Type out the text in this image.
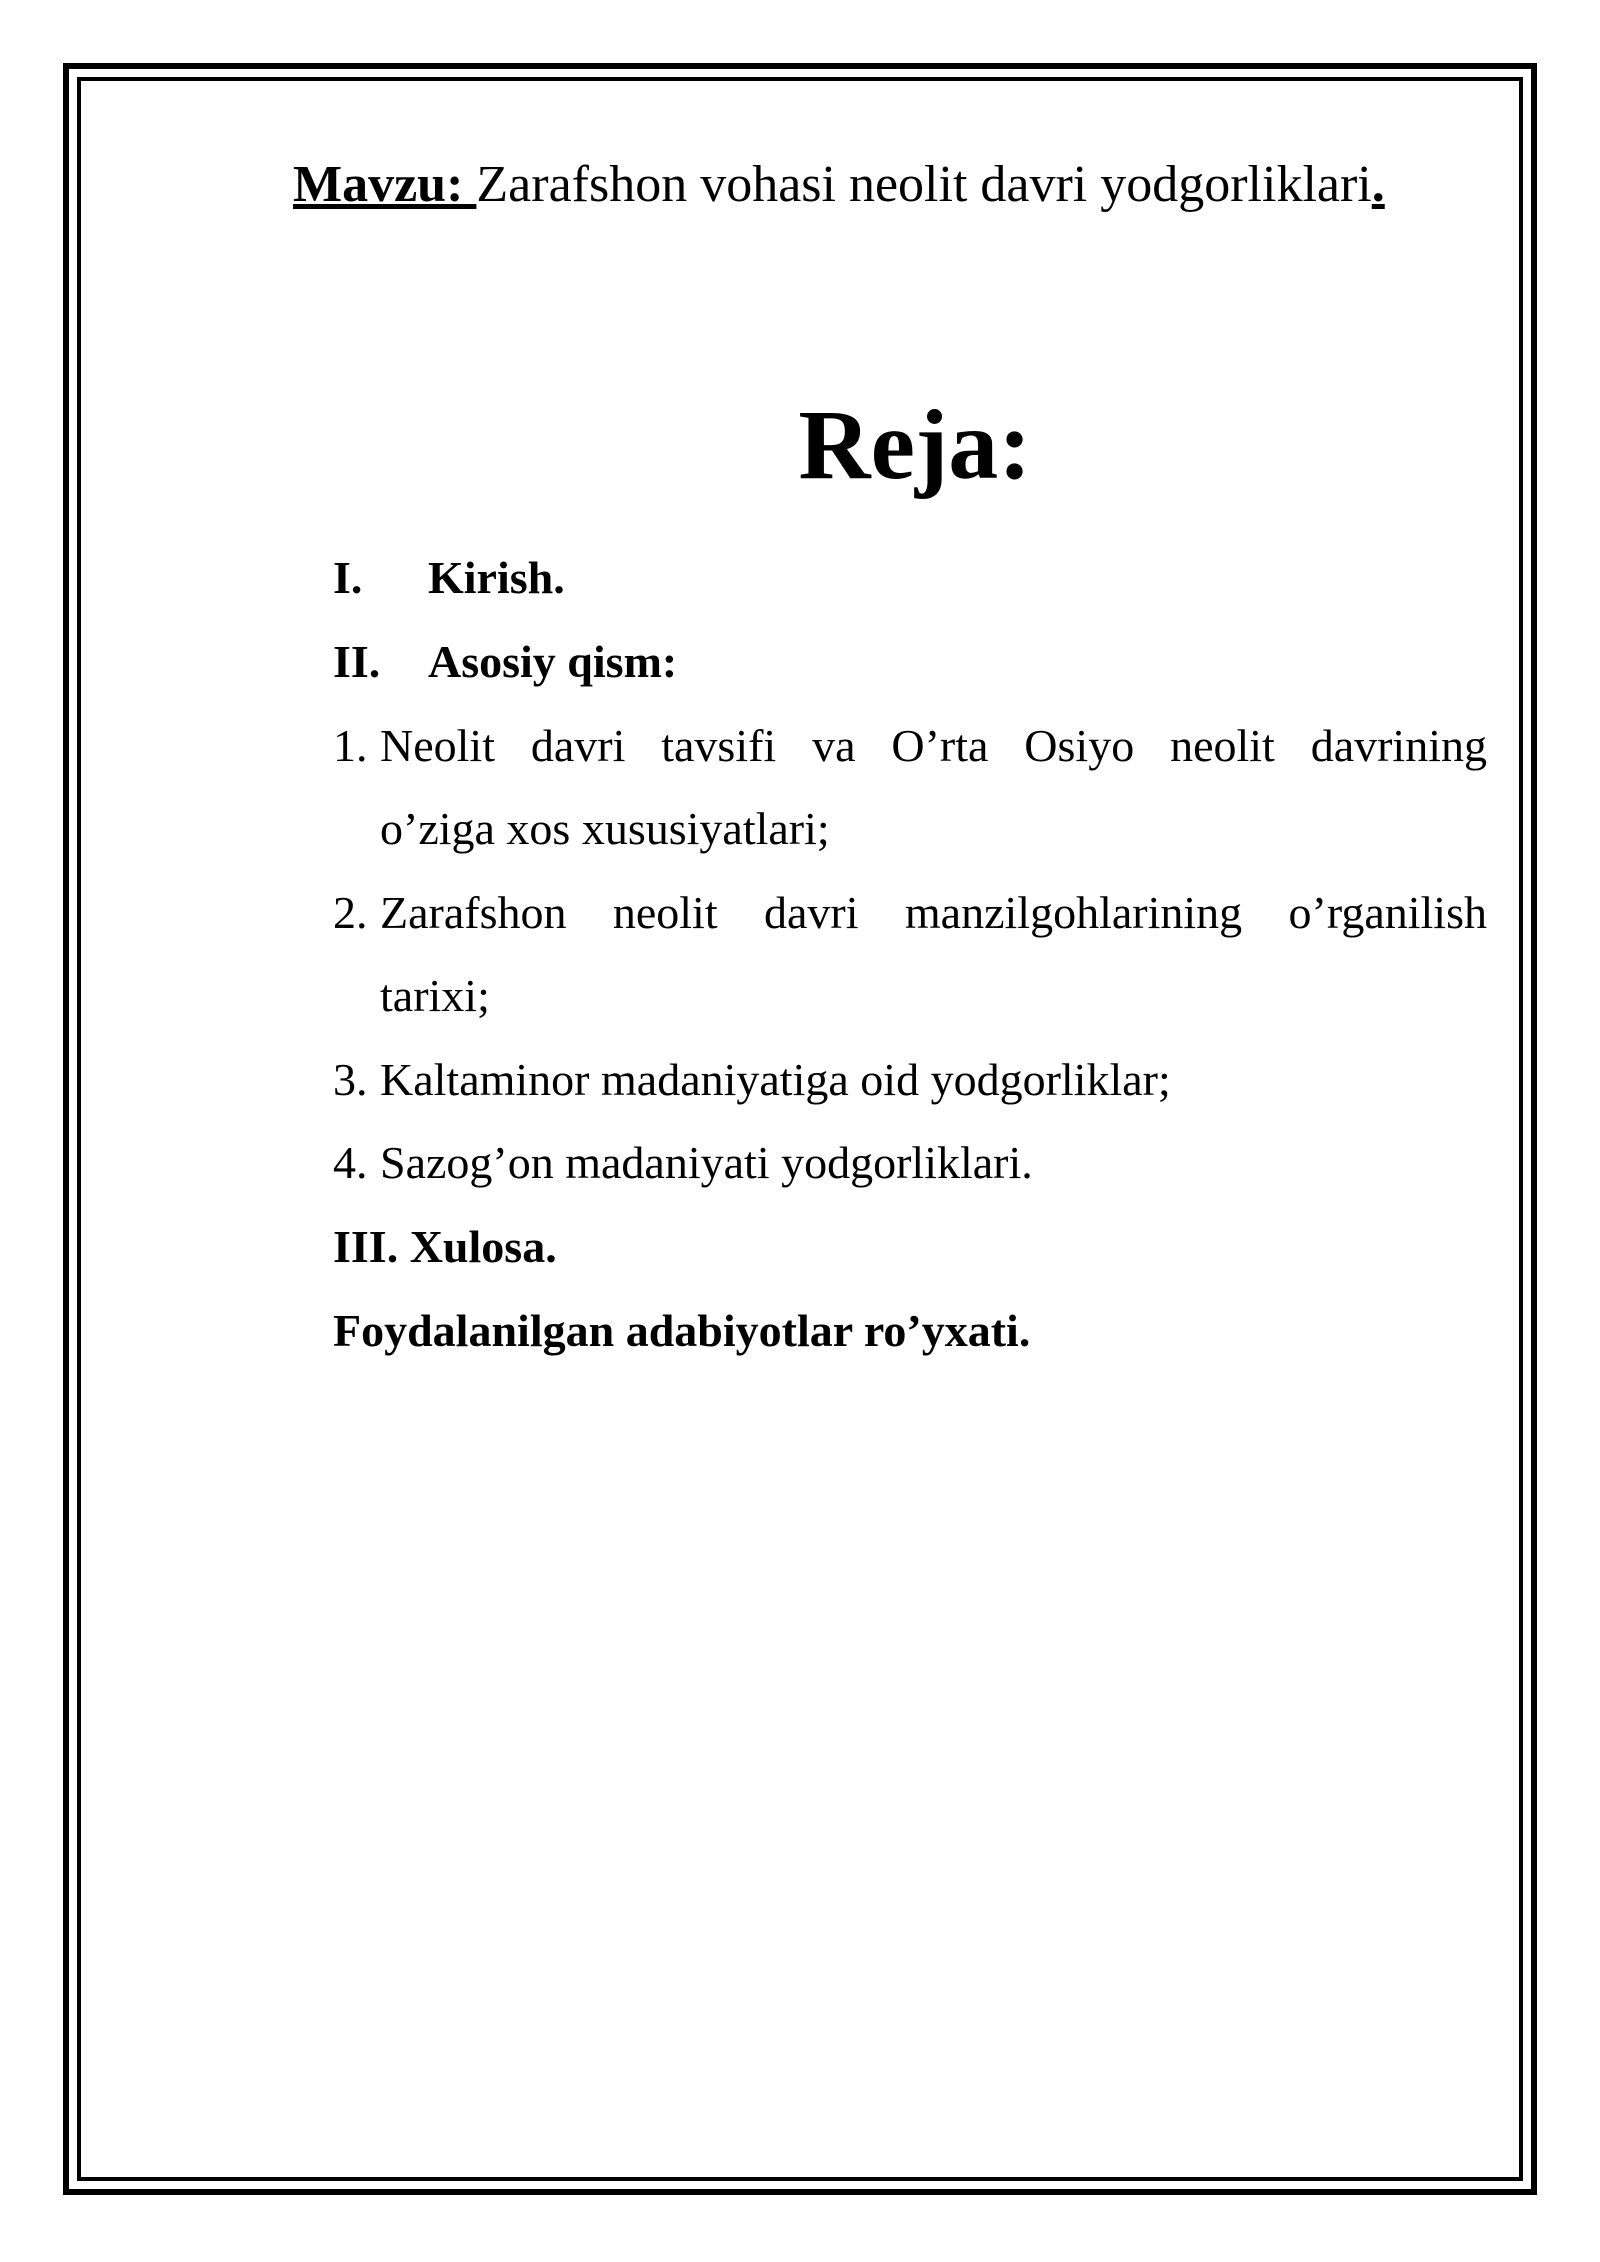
Mavzu: Zarafshon vohasi neolit davri yodgorliklari.
Reja:
I. Kirish.
II. Asosiy qism:
1. Neolit davri tavsifi va O’rta Osiyo neolit davrining
o’ziga xos xususiyatlari;
2. Zarafshon neolit davri manzilgohlarining o’rganilish
tarixi;
3. Kaltaminor madaniyatiga oid yodgorliklar;
4. Sazog’on madaniyati yodgorliklari.
III. Xulosa.
Foydalanilgan adabiyotlar ro’yxati.
